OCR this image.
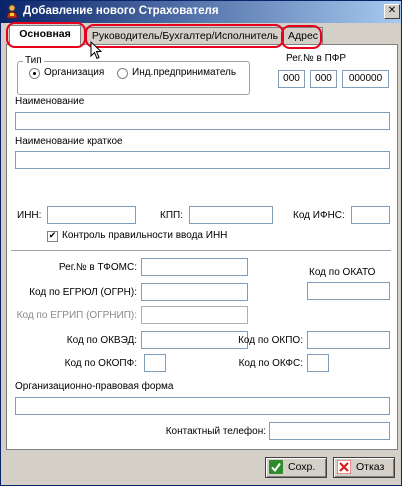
Добавление нового Страхователя	✕
Основная	Руководитель/Бухгалтер/Исполнитель Адрес
Тип
Организация	Инд.предприниматель
Рег.№ в ПФР
000	000	000000
Наименование
Наименование краткое
ИНН:	КПП:	Код ИФНС:
✔ Контроль правильности ввода ИНН
Рег.№ в ТФОМС:	Код по ОКАТО
Код по ЕГРЮЛ (ОГРН):
Код по ЕГРИП (ОГРНИП):
Код по ОКВЭД:	Код по ОКПО:
Код по ОКОПФ:	Код по ОКФС:
Организационно-правовая форма
Контактный телефон:
Сохр.	Отказ
